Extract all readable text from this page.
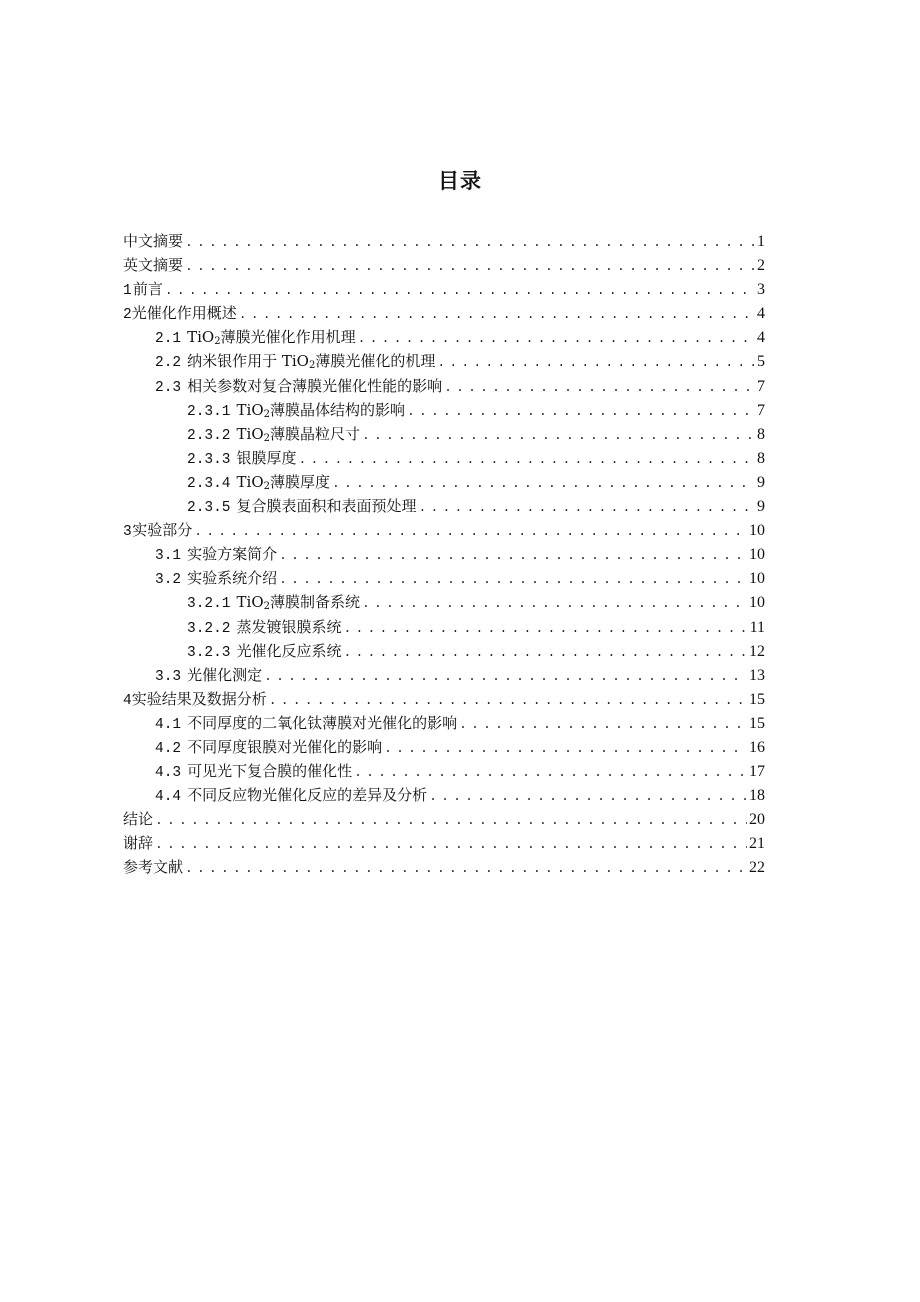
目录
中文摘要 .....	1
英文摘要 .....	2
1 前言 .....	3
2 光催化作用概述 .....	4
2.1 TiO$_2$薄膜光催化作用机理 .....	4
2.2 纳米银作用于 TiO$_2$薄膜光催化的机理 .....	5
2.3 相关参数对复合薄膜光催化性能的影响 .....	7
2.3.1 TiO$_2$薄膜晶体结构的影响 .....	7
2.3.2 TiO$_2$薄膜晶粒尺寸 .....	8
2.3.3 银膜厚度 .....	8
2.3.4 TiO$_2$薄膜厚度 .....	9
2.3.5 复合膜表面积和表面预处理 .....	9
3 实验部分 .....	10
3.1 实验方案简介 .....	10
3.2 实验系统介绍 .....	10
3.2.1 TiO$_2$薄膜制备系统 .....	10
3.2.2 蒸发镀银膜系统 .....	11
3.2.3 光催化反应系统 .....	12
3.3 光催化测定 .....	13
4 实验结果及数据分析 .....	15
4.1 不同厚度的二氧化钛薄膜对光催化的影响 .....	15
4.2 不同厚度银膜对光催化的影响 .....	16
4.3 可见光下复合膜的催化性 .....	17
4.4 不同反应物光催化反应的差异及分析 .....	18
结论 .....	20
谢辞 .....	21
参考文献 .....	22
